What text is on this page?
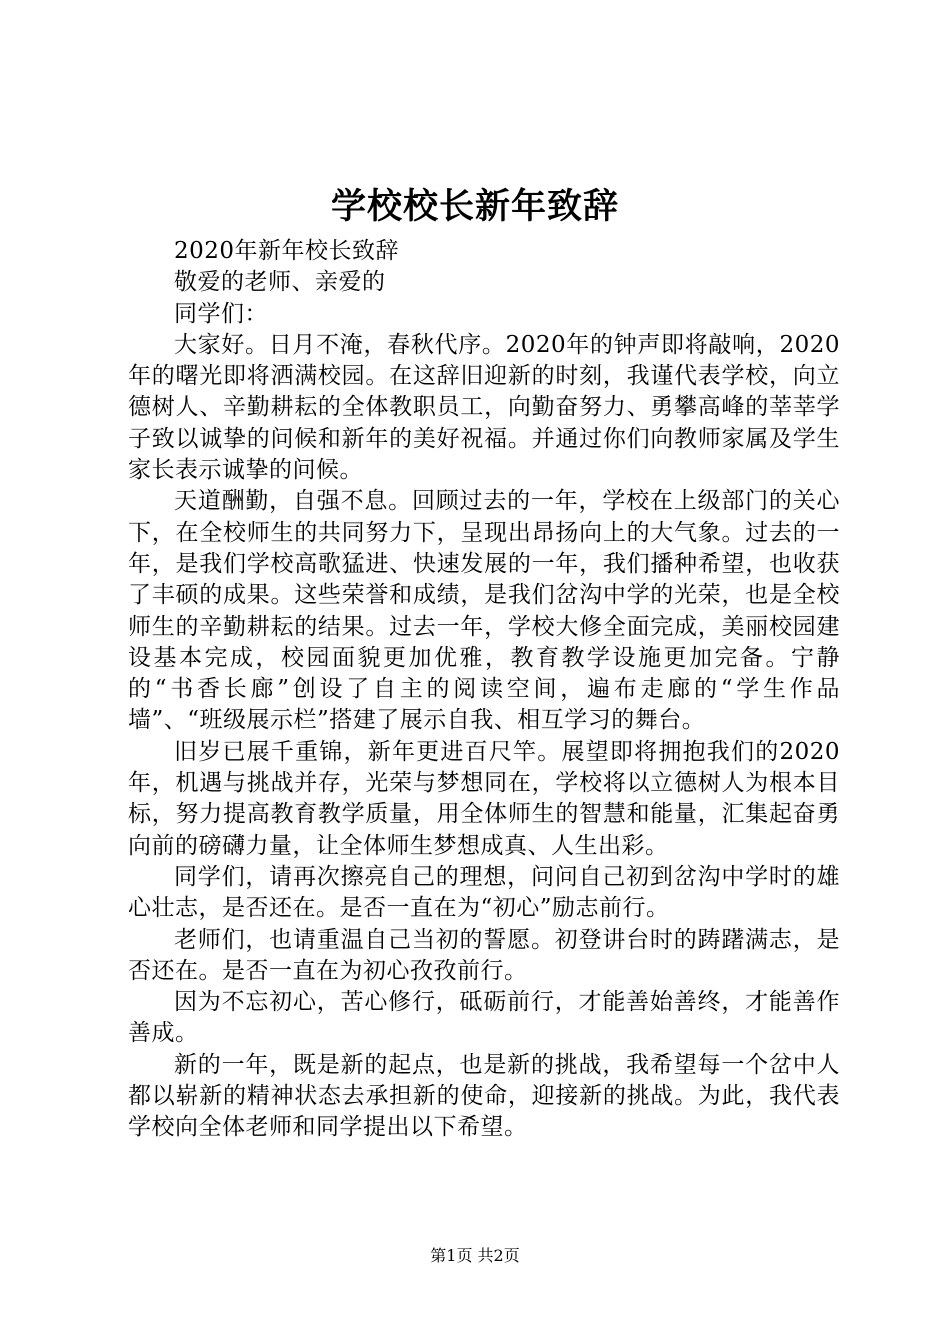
学校校长新年致辞

2020年新年校长致辞

敬爱的老师、亲爱的

同学们：

大家好。日月不淹，春秋代序。2020年的钟声即将敲响，2020年的曙光即将洒满校园。在这辞旧迎新的时刻，我谨代表学校，向立德树人、辛勤耕耘的全体教职员工，向勤奋努力、勇攀高峰的莘莘学子致以诚挚的问候和新年的美好祝福。并通过你们向教师家属及学生家长表示诚挚的问候。

天道酬勤，自强不息。回顾过去的一年，学校在上级部门的关心下，在全校师生的共同努力下，呈现出昂扬向上的大气象。过去的一年，是我们学校高歌猛进、快速发展的一年，我们播种希望，也收获了丰硕的成果。这些荣誉和成绩，是我们岔沟中学的光荣，也是全校师生的辛勤耕耘的结果。过去一年，学校大修全面完成，美丽校园建设基本完成，校园面貌更加优雅，教育教学设施更加完备。宁静的“书香长廊”创设了自主的阅读空间，遍布走廊的“学生作品墙”、“班级展示栏”搭建了展示自我、相互学习的舞台。

旧岁已展千重锦，新年更进百尺竿。展望即将拥抱我们的2020年，机遇与挑战并存，光荣与梦想同在，学校将以立德树人为根本目标，努力提高教育教学质量，用全体师生的智慧和能量，汇集起奋勇向前的磅礴力量，让全体师生梦想成真、人生出彩。

同学们，请再次擦亮自己的理想，问问自己初到岔沟中学时的雄心壮志，是否还在。是否一直在为“初心”励志前行。

老师们，也请重温自己当初的誓愿。初登讲台时的踌躇满志，是否还在。是否一直在为初心孜孜前行。

因为不忘初心，苦心修行，砥砺前行，才能善始善终，才能善作善成。

新的一年，既是新的起点，也是新的挑战，我希望每一个岔中人都以崭新的精神状态去承担新的使命，迎接新的挑战。为此，我代表学校向全体老师和同学提出以下希望。

第1页 共2页
